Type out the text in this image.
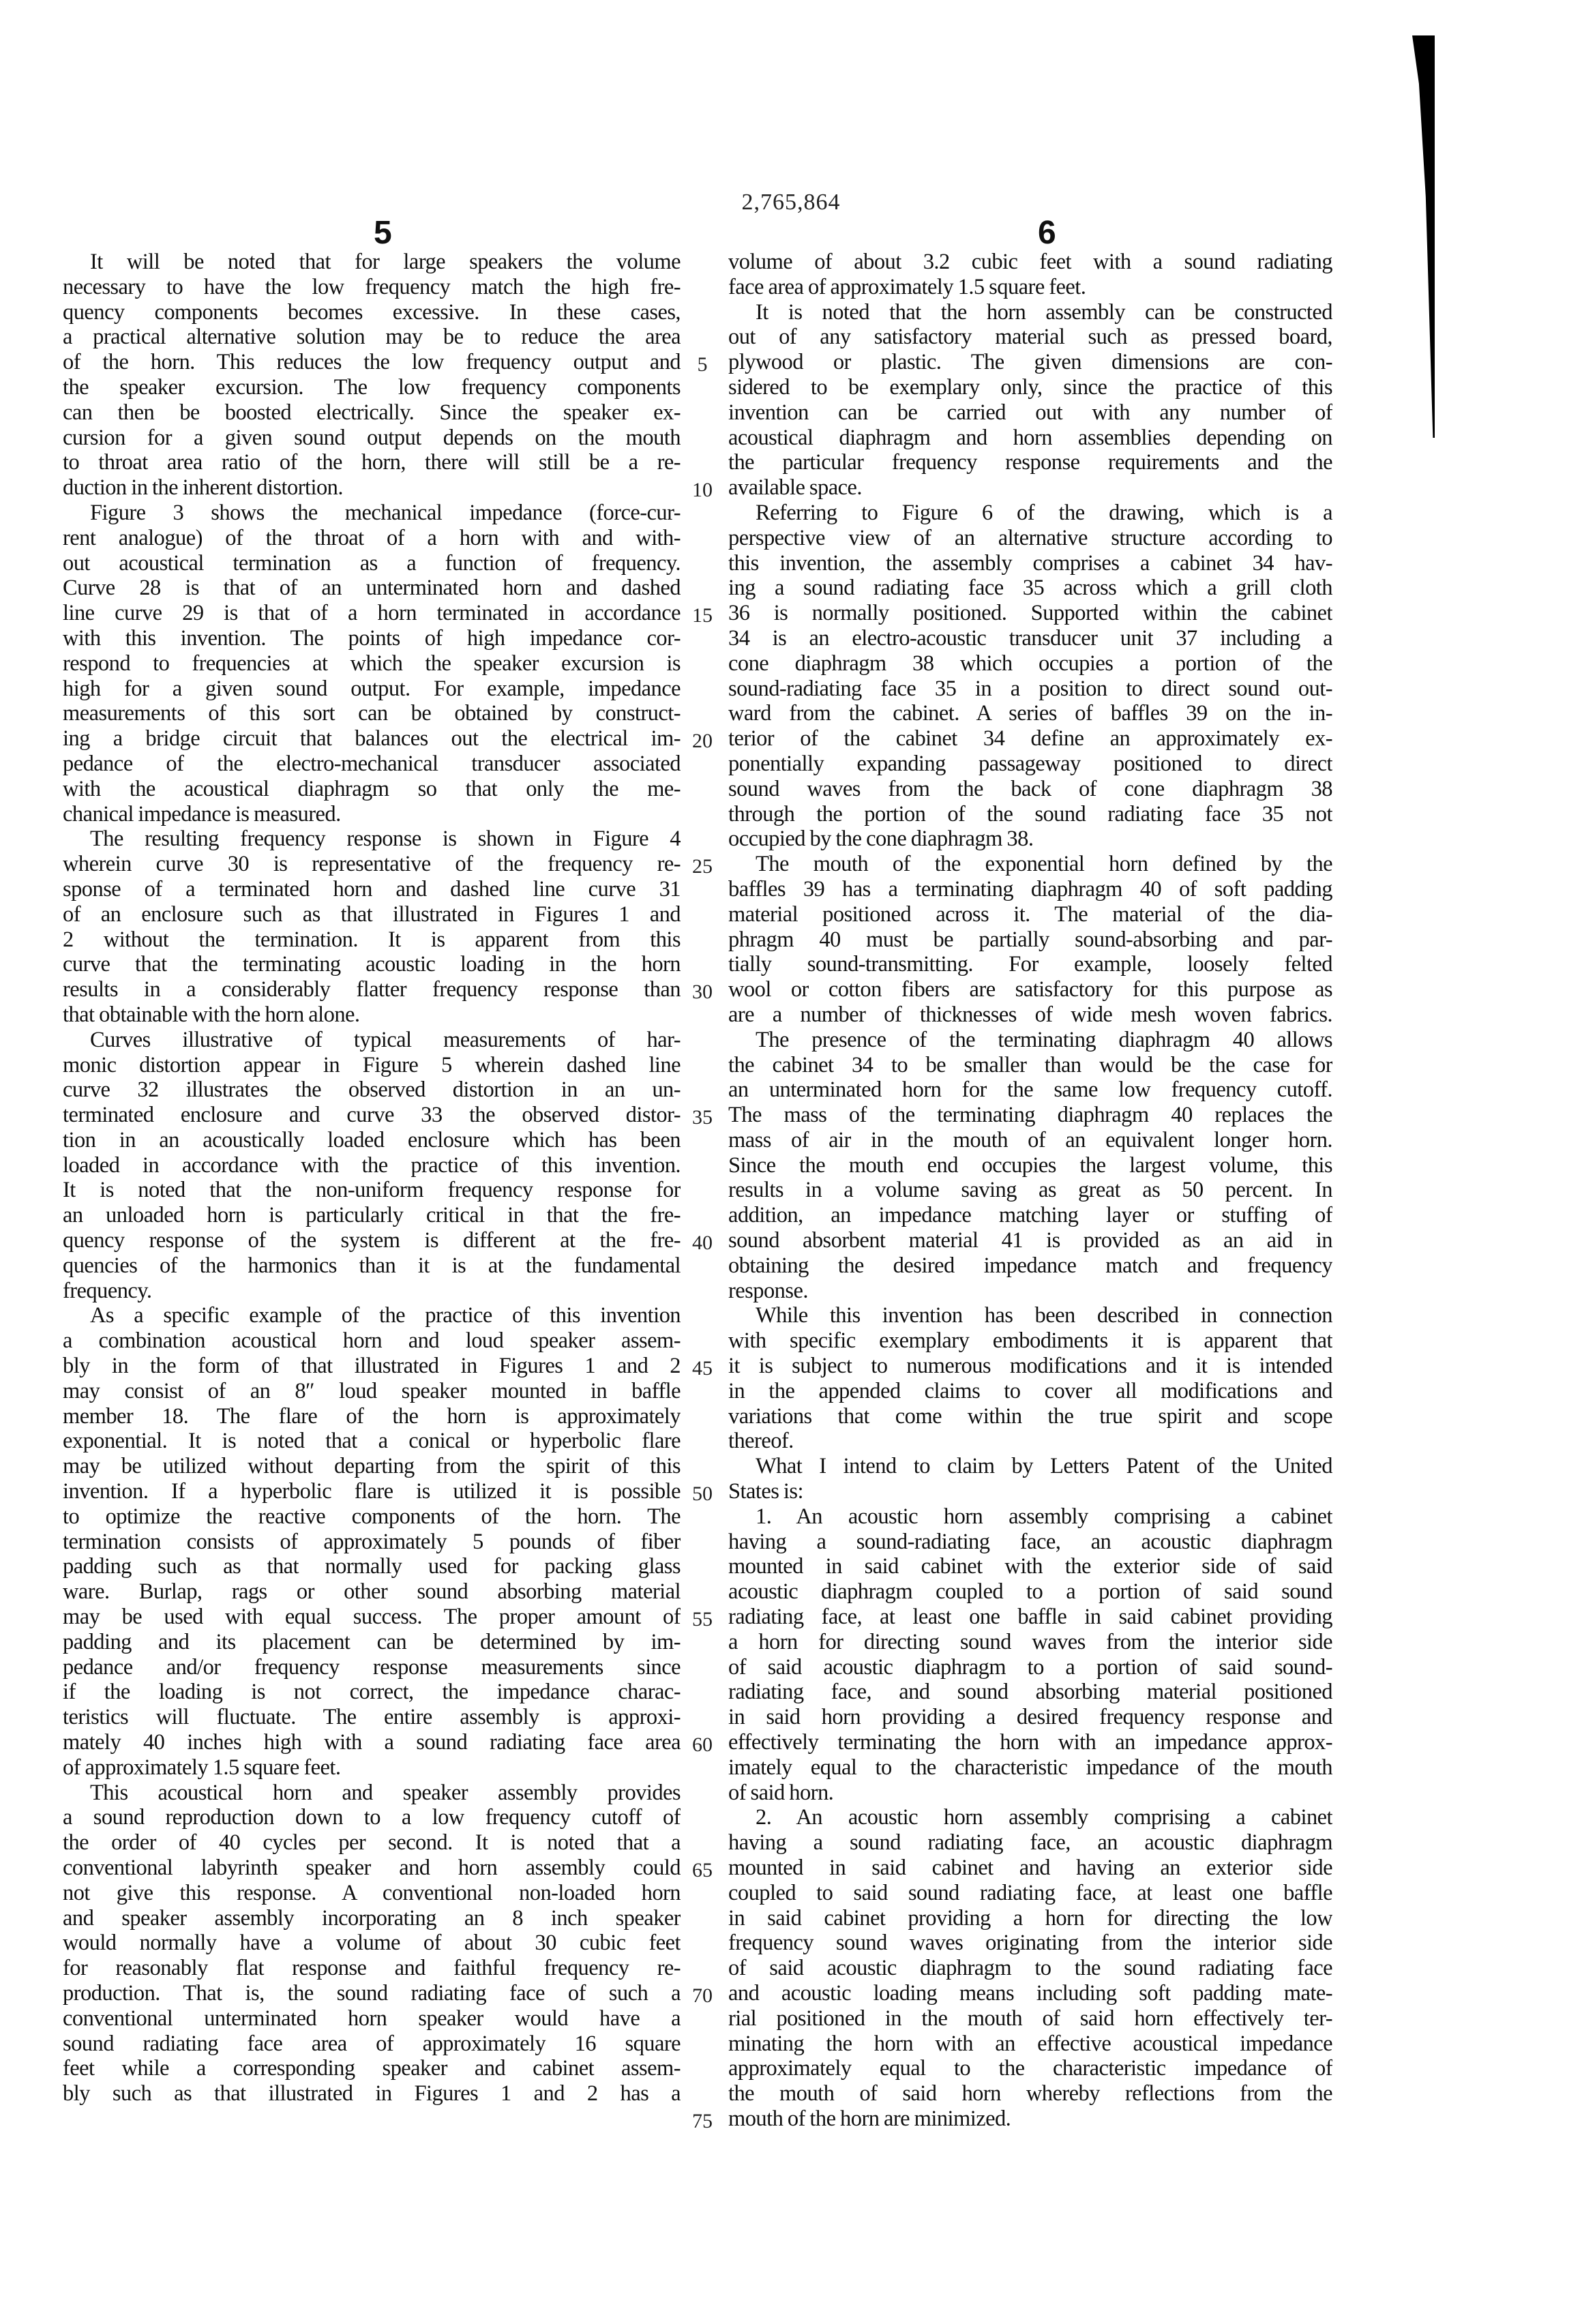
2,765,864
5	6
It will be noted that for large speakers the volume
necessary to have the low frequency match the high fre-
quency components becomes excessive. In these cases,
a practical alternative solution may be to reduce the area
of the horn. This reduces the low frequency output and
the speaker excursion. The low frequency components
can then be boosted electrically. Since the speaker ex-
cursion for a given sound output depends on the mouth
to throat area ratio of the horn, there will still be a re-
duction in the inherent distortion.
Figure 3 shows the mechanical impedance (force-cur-
rent analogue) of the throat of a horn with and with-
out acoustical termination as a function of frequency.
Curve 28 is that of an unterminated horn and dashed
line curve 29 is that of a horn terminated in accordance
with this invention. The points of high impedance cor-
respond to frequencies at which the speaker excursion is
high for a given sound output. For example, impedance
measurements of this sort can be obtained by construct-
ing a bridge circuit that balances out the electrical im-
pedance of the electro-mechanical transducer associated
with the acoustical diaphragm so that only the me-
chanical impedance is measured.
The resulting frequency response is shown in Figure 4
wherein curve 30 is representative of the frequency re-
sponse of a terminated horn and dashed line curve 31
of an enclosure such as that illustrated in Figures 1 and
2 without the termination. It is apparent from this
curve that the terminating acoustic loading in the horn
results in a considerably flatter frequency response than
that obtainable with the horn alone.
Curves illustrative of typical measurements of har-
monic distortion appear in Figure 5 wherein dashed line
curve 32 illustrates the observed distortion in an un-
terminated enclosure and curve 33 the observed distor-
tion in an acoustically loaded enclosure which has been
loaded in accordance with the practice of this invention.
It is noted that the non-uniform frequency response for
an unloaded horn is particularly critical in that the fre-
quency response of the system is different at the fre-
quencies of the harmonics than it is at the fundamental
frequency.
As a specific example of the practice of this invention
a combination acoustical horn and loud speaker assem-
bly in the form of that illustrated in Figures 1 and 2
may consist of an 8″ loud speaker mounted in baffle
member 18. The flare of the horn is approximately
exponential. It is noted that a conical or hyperbolic flare
may be utilized without departing from the spirit of this
invention. If a hyperbolic flare is utilized it is possible
to optimize the reactive components of the horn. The
termination consists of approximately 5 pounds of fiber
padding such as that normally used for packing glass
ware. Burlap, rags or other sound absorbing material
may be used with equal success. The proper amount of
padding and its placement can be determined by im-
pedance and/or frequency response measurements since
if the loading is not correct, the impedance charac-
teristics will fluctuate. The entire assembly is approxi-
mately 40 inches high with a sound radiating face area
of approximately 1.5 square feet.
This acoustical horn and speaker assembly provides
a sound reproduction down to a low frequency cutoff of
the order of 40 cycles per second. It is noted that a
conventional labyrinth speaker and horn assembly could
not give this response. A conventional non-loaded horn
and speaker assembly incorporating an 8 inch speaker
would normally have a volume of about 30 cubic feet
for reasonably flat response and faithful frequency re-
production. That is, the sound radiating face of such a
conventional unterminated horn speaker would have a
sound radiating face area of approximately 16 square
feet while a corresponding speaker and cabinet assem-
bly such as that illustrated in Figures 1 and 2 has a
5
10
15
20
25
30
35
40
45
50
55
60
65
70
75
volume of about 3.2 cubic feet with a sound radiating
face area of approximately 1.5 square feet.
It is noted that the horn assembly can be constructed
out of any satisfactory material such as pressed board,
plywood or plastic. The given dimensions are con-
sidered to be exemplary only, since the practice of this
invention can be carried out with any number of
acoustical diaphragm and horn assemblies depending on
the particular frequency response requirements and the
available space.
Referring to Figure 6 of the drawing, which is a
perspective view of an alternative structure according to
this invention, the assembly comprises a cabinet 34 hav-
ing a sound radiating face 35 across which a grill cloth
36 is normally positioned. Supported within the cabinet
34 is an electro-acoustic transducer unit 37 including a
cone diaphragm 38 which occupies a portion of the
sound-radiating face 35 in a position to direct sound out-
ward from the cabinet. A series of baffles 39 on the in-
terior of the cabinet 34 define an approximately ex-
ponentially expanding passageway positioned to direct
sound waves from the back of cone diaphragm 38
through the portion of the sound radiating face 35 not
occupied by the cone diaphragm 38.
The mouth of the exponential horn defined by the
baffles 39 has a terminating diaphragm 40 of soft padding
material positioned across it. The material of the dia-
phragm 40 must be partially sound-absorbing and par-
tially sound-transmitting. For example, loosely felted
wool or cotton fibers are satisfactory for this purpose as
are a number of thicknesses of wide mesh woven fabrics.
The presence of the terminating diaphragm 40 allows
the cabinet 34 to be smaller than would be the case for
an unterminated horn for the same low frequency cutoff.
The mass of the terminating diaphragm 40 replaces the
mass of air in the mouth of an equivalent longer horn.
Since the mouth end occupies the largest volume, this
results in a volume saving as great as 50 percent. In
addition, an impedance matching layer or stuffing of
sound absorbent material 41 is provided as an aid in
obtaining the desired impedance match and frequency
response.
While this invention has been described in connection
with specific exemplary embodiments it is apparent that
it is subject to numerous modifications and it is intended
in the appended claims to cover all modifications and
variations that come within the true spirit and scope
thereof.
What I intend to claim by Letters Patent of the United
States is:
1. An acoustic horn assembly comprising a cabinet
having a sound-radiating face, an acoustic diaphragm
mounted in said cabinet with the exterior side of said
acoustic diaphragm coupled to a portion of said sound
radiating face, at least one baffle in said cabinet providing
a horn for directing sound waves from the interior side
of said acoustic diaphragm to a portion of said sound-
radiating face, and sound absorbing material positioned
in said horn providing a desired frequency response and
effectively terminating the horn with an impedance approx-
imately equal to the characteristic impedance of the mouth
of said horn.
2. An acoustic horn assembly comprising a cabinet
having a sound radiating face, an acoustic diaphragm
mounted in said cabinet and having an exterior side
coupled to said sound radiating face, at least one baffle
in said cabinet providing a horn for directing the low
frequency sound waves originating from the interior side
of said acoustic diaphragm to the sound radiating face
and acoustic loading means including soft padding mate-
rial positioned in the mouth of said horn effectively ter-
minating the horn with an effective acoustical impedance
approximately equal to the characteristic impedance of
the mouth of said horn whereby reflections from the
mouth of the horn are minimized.
